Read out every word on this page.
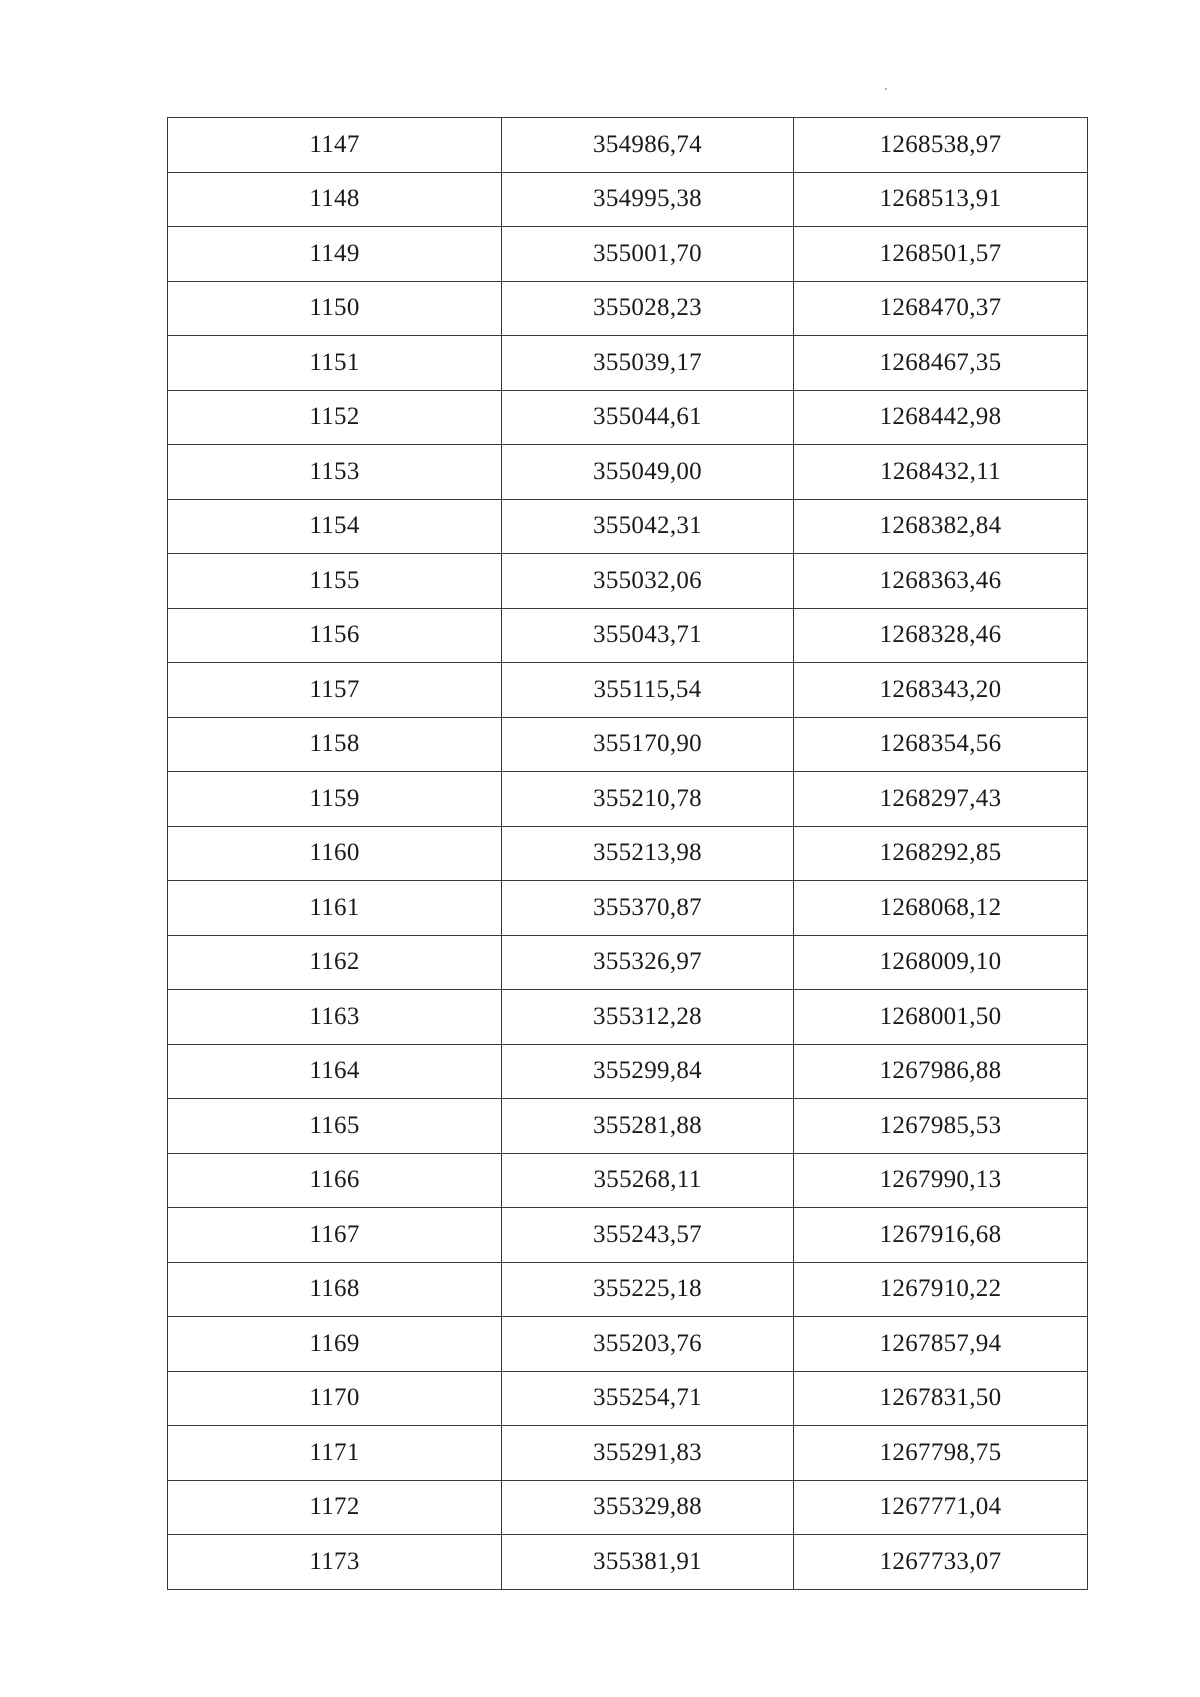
1147	354986,74	1268538,97
1148	354995,38	1268513,91
1149	355001,70	1268501,57
1150	355028,23	1268470,37
1151	355039,17	1268467,35
1152	355044,61	1268442,98
1153	355049,00	1268432,11
1154	355042,31	1268382,84
1155	355032,06	1268363,46
1156	355043,71	1268328,46
1157	355115,54	1268343,20
1158	355170,90	1268354,56
1159	355210,78	1268297,43
1160	355213,98	1268292,85
1161	355370,87	1268068,12
1162	355326,97	1268009,10
1163	355312,28	1268001,50
1164	355299,84	1267986,88
1165	355281,88	1267985,53
1166	355268,11	1267990,13
1167	355243,57	1267916,68
1168	355225,18	1267910,22
1169	355203,76	1267857,94
1170	355254,71	1267831,50
1171	355291,83	1267798,75
1172	355329,88	1267771,04
1173	355381,91	1267733,07
